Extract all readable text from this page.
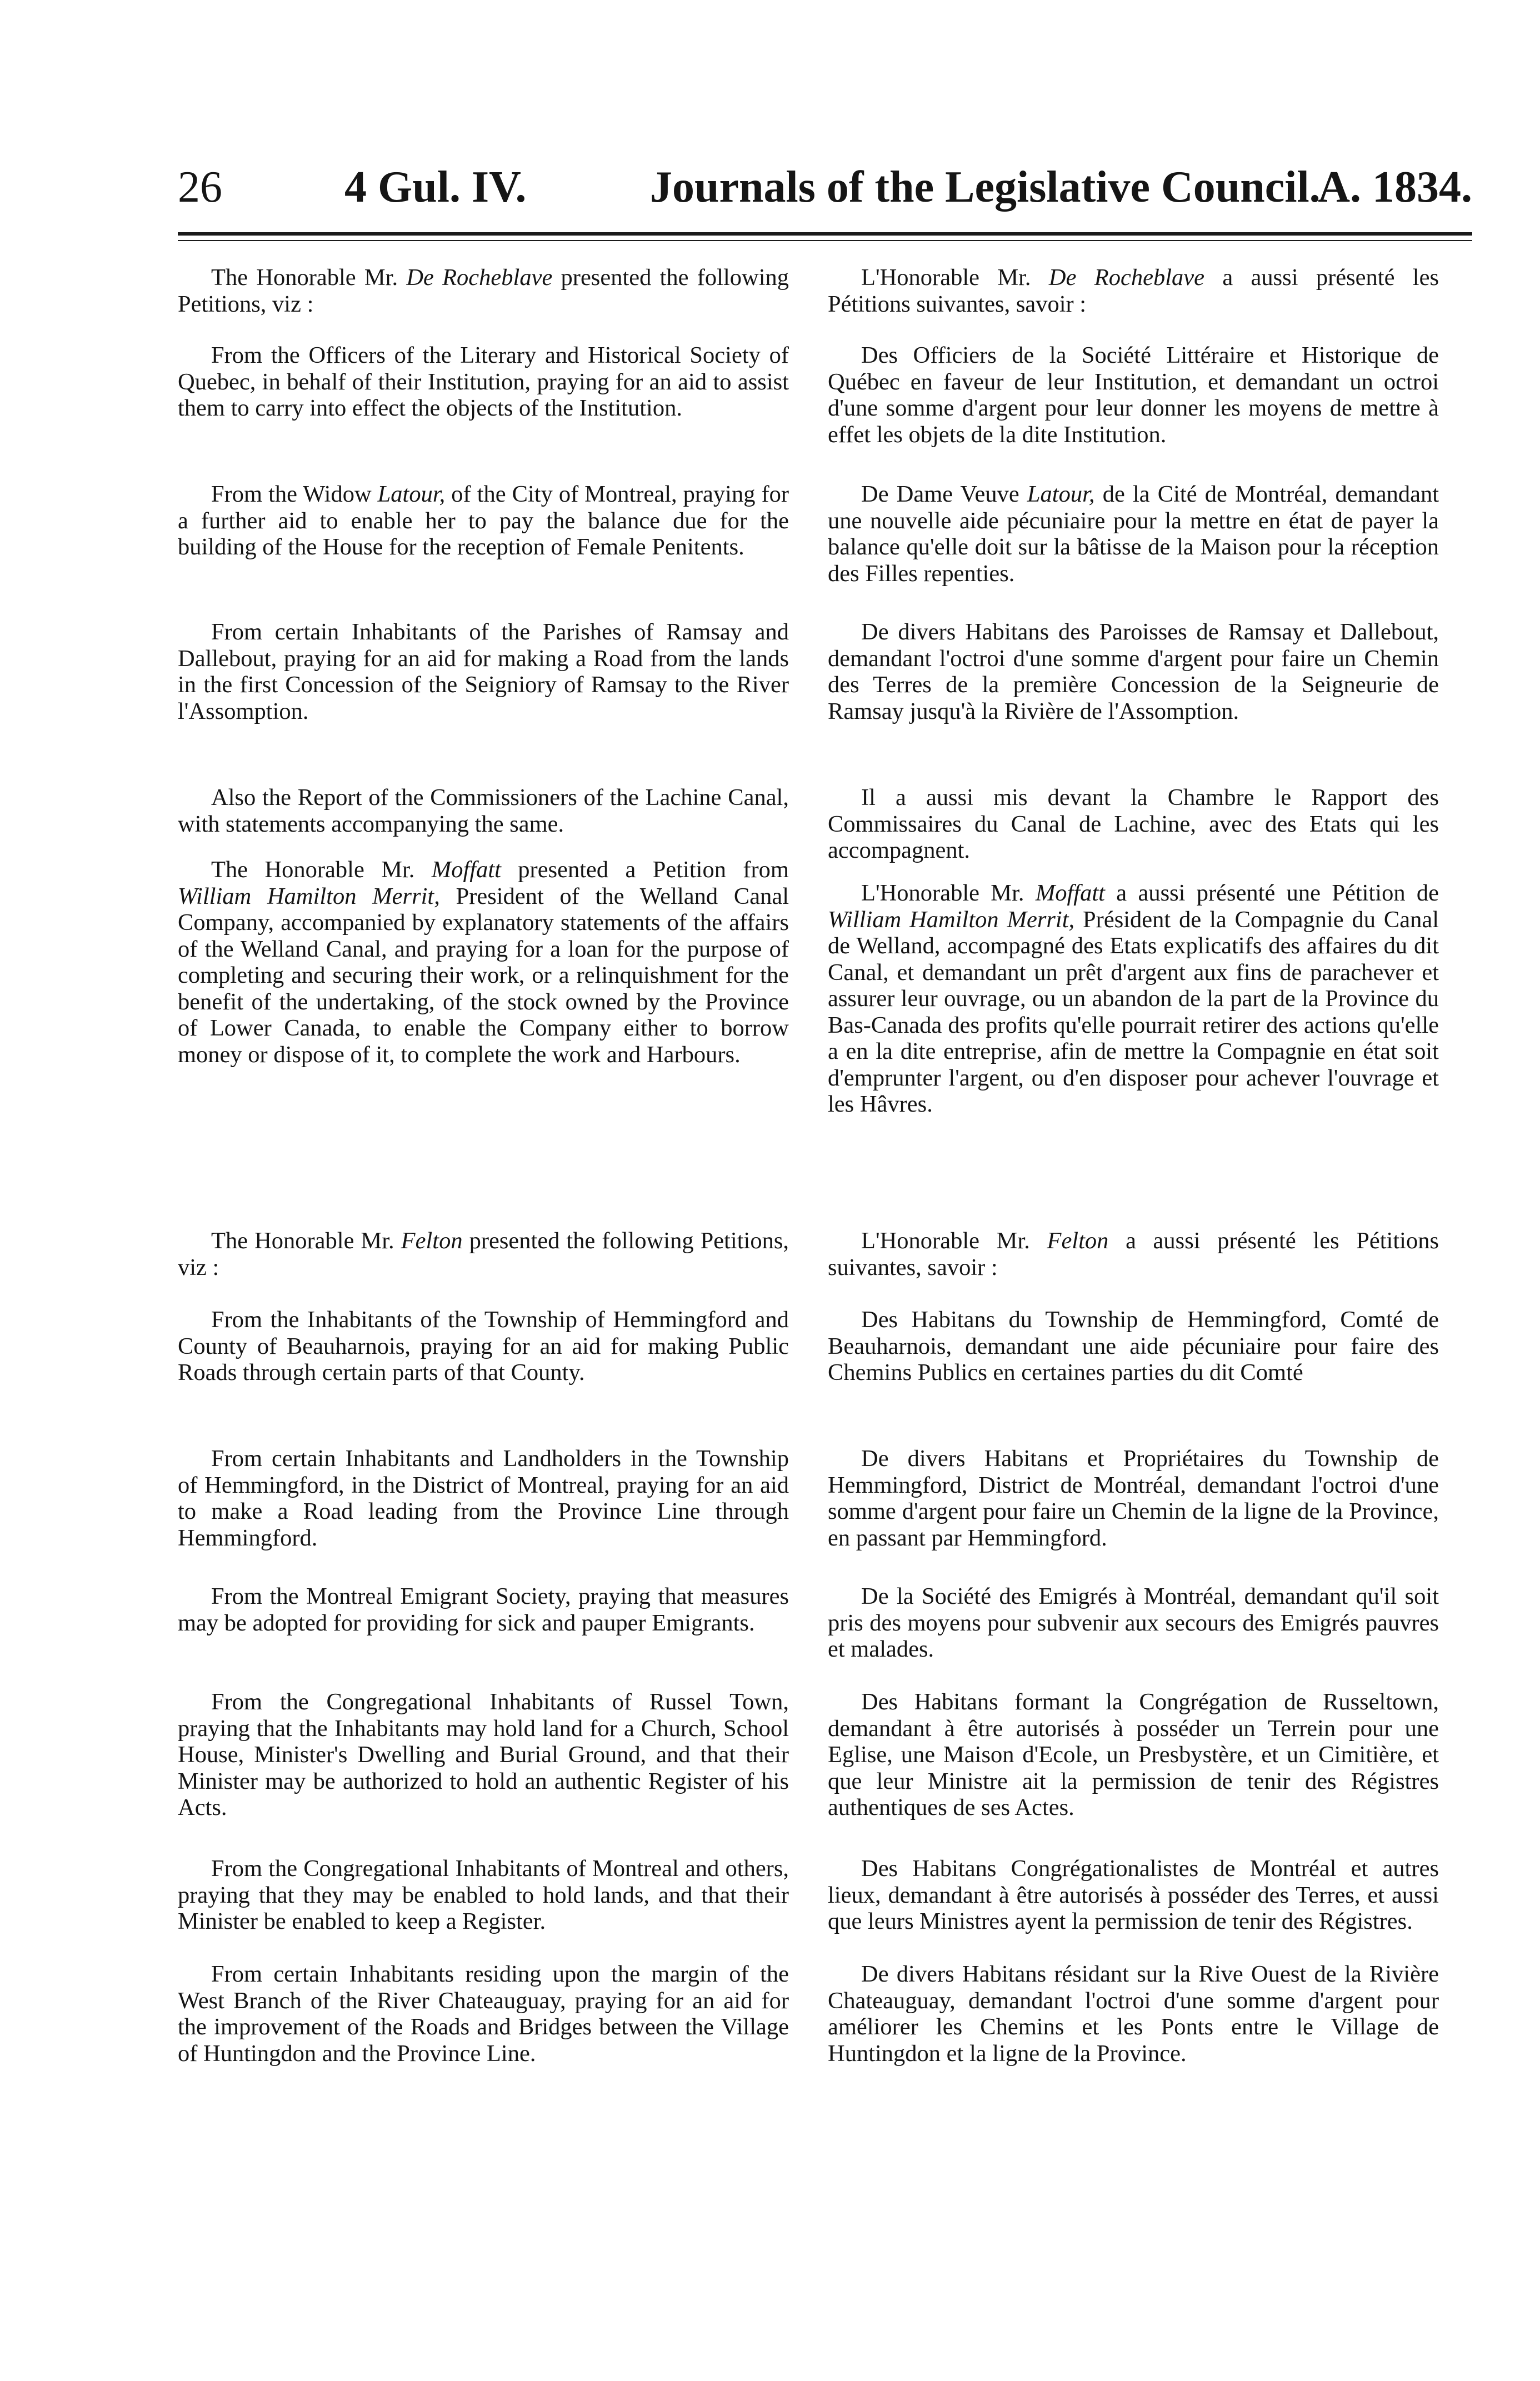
26	4 Gul. IV.	Journals of the Legislative Council.
A. 1834.

The Honorable Mr. De Rocheblave presented the following Petitions, viz :

From the Officers of the Literary and Historical Society of Quebec, in behalf of their Institution, praying for an aid to assist them to carry into effect the objects of the Institution.

From the Widow Latour, of the City of Montreal, praying for a further aid to enable her to pay the balance due for the building of the House for the reception of Female Penitents.

From certain Inhabitants of the Parishes of Ramsay and Dallebout, praying for an aid for making a Road from the lands in the first Concession of the Seigniory of Ramsay to the River l'Assomption.

Also the Report of the Commissioners of the Lachine Canal, with statements accompanying the same.

The Honorable Mr. Moffatt presented a Petition from William Hamilton Merrit, President of the Welland Canal Company, accompanied by explanatory statements of the affairs of the Welland Canal, and praying for a loan for the purpose of completing and securing their work, or a relinquishment for the benefit of the undertaking, of the stock owned by the Province of Lower Canada, to enable the Company either to borrow money or dispose of it, to complete the work and Harbours.

The Honorable Mr. Felton presented the following Petitions, viz :

From the Inhabitants of the Township of Hemmingford and County of Beauharnois, praying for an aid for making Public Roads through certain parts of that County.

From certain Inhabitants and Landholders in the Township of Hemmingford, in the District of Montreal, praying for an aid to make a Road leading from the Province Line through Hemmingford.

From the Montreal Emigrant Society, praying that measures may be adopted for providing for sick and pauper Emigrants.

From the Congregational Inhabitants of Russel Town, praying that the Inhabitants may hold land for a Church, School House, Minister's Dwelling and Burial Ground, and that their Minister may be authorized to hold an authentic Register of his Acts.

From the Congregational Inhabitants of Montreal and others, praying that they may be enabled to hold lands, and that their Minister be enabled to keep a Register.

From certain Inhabitants residing upon the margin of the West Branch of the River Chateauguay, praying for an aid for the improvement of the Roads and Bridges between the Village of Huntingdon and the Province Line.

L'Honorable Mr. De Rocheblave a aussi présenté les Pétitions suivantes, savoir :

Des Officiers de la Société Littéraire et Historique de Québec en faveur de leur Institution, et demandant un octroi d'une somme d'argent pour leur donner les moyens de mettre à effet les objets de la dite Institution.

De Dame Veuve Latour, de la Cité de Montréal, demandant une nouvelle aide pécuniaire pour la mettre en état de payer la balance qu'elle doit sur la bâtisse de la Maison pour la réception des Filles repenties.

De divers Habitans des Paroisses de Ramsay et Dallebout, demandant l'octroi d'une somme d'argent pour faire un Chemin des Terres de la première Concession de la Seigneurie de Ramsay jusqu'à la Rivière de l'Assomption.

Il a aussi mis devant la Chambre le Rapport des Commissaires du Canal de Lachine, avec des Etats qui les accompagnent.

L'Honorable Mr. Moffatt a aussi présenté une Pétition de William Hamilton Merrit, Président de la Compagnie du Canal de Welland, accompagné des Etats explicatifs des affaires du dit Canal, et demandant un prêt d'argent aux fins de parachever et assurer leur ouvrage, ou un abandon de la part de la Province du Bas-Canada des profits qu'elle pourrait retirer des actions qu'elle a en la dite entreprise, afin de mettre la Compagnie en état soit d'emprunter l'argent, ou d'en disposer pour achever l'ouvrage et les Hâvres.

L'Honorable Mr. Felton a aussi présenté les Pétitions suivantes, savoir :

Des Habitans du Township de Hemmingford, Comté de Beauharnois, demandant une aide pécuniaire pour faire des Chemins Publics en certaines parties du dit Comté

De divers Habitans et Propriétaires du Township de Hemmingford, District de Montréal, demandant l'octroi d'une somme d'argent pour faire un Chemin de la ligne de la Province, en passant par Hemmingford.

De la Société des Emigrés à Montréal, demandant qu'il soit pris des moyens pour subvenir aux secours des Emigrés pauvres et malades.

Des Habitans formant la Congrégation de Russeltown, demandant à être autorisés à posséder un Terrein pour une Eglise, une Maison d'Ecole, un Presbystère, et un Cimitière, et que leur Ministre ait la permission de tenir des Régistres authentiques de ses Actes.

Des Habitans Congrégationalistes de Montréal et autres lieux, demandant à être autorisés à posséder des Terres, et aussi que leurs Ministres ayent la permission de tenir des Régistres.

De divers Habitans résidant sur la Rive Ouest de la Rivière Chateauguay, demandant l'octroi d'une somme d'argent pour améliorer les Chemins et les Ponts entre le Village de Huntingdon et la ligne de la Province.
